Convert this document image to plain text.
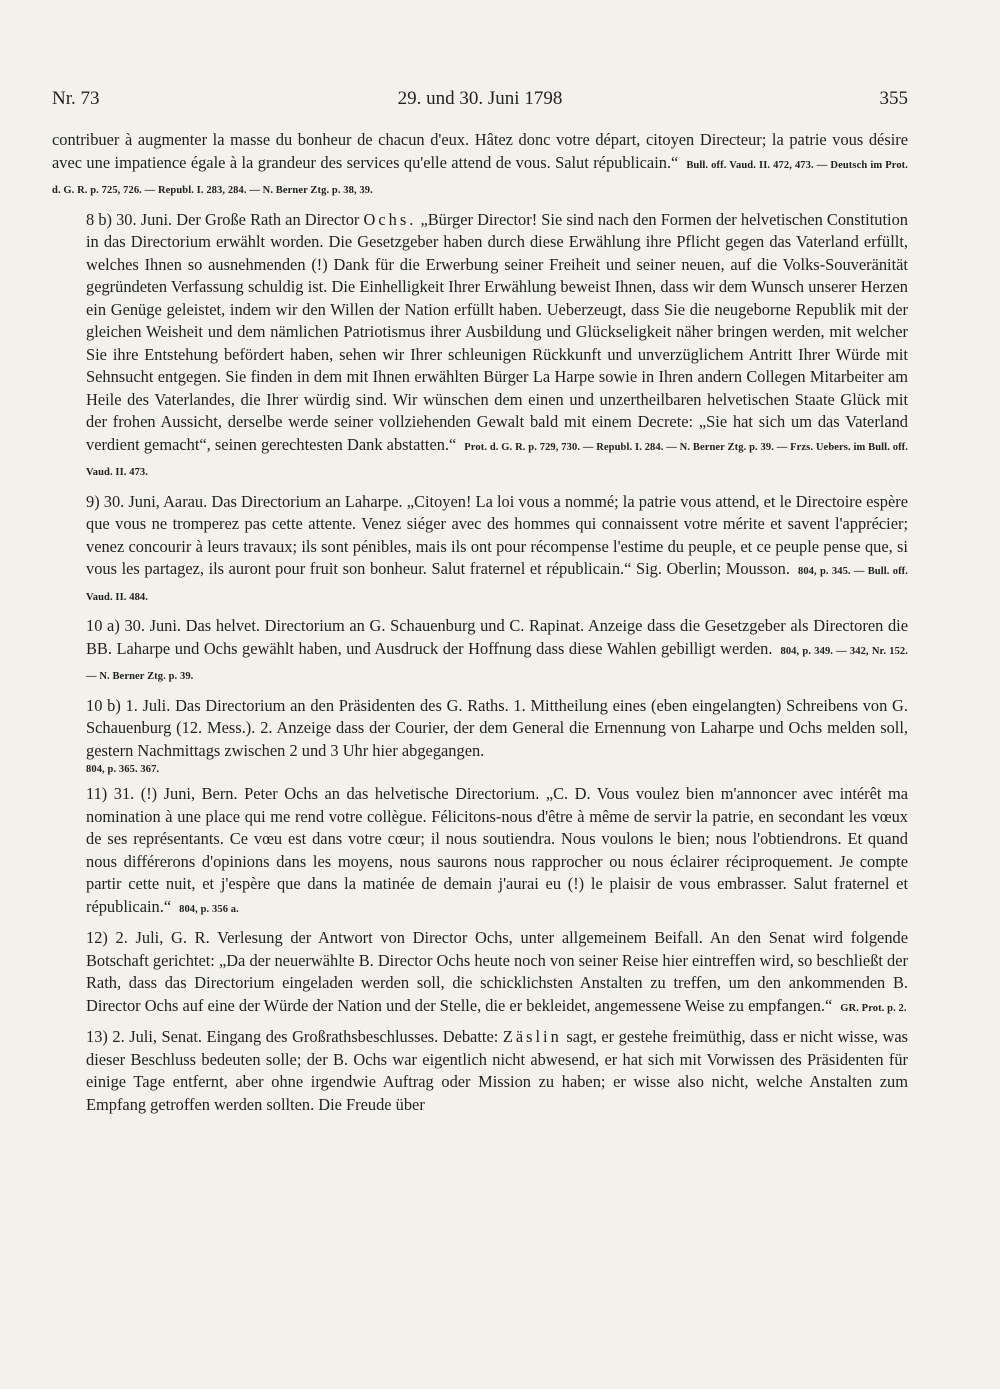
Nr. 73	29. und 30. Juni 1798	355

contribuer à augmenter la masse du bonheur de chacun d'eux. Hâtez donc votre départ, citoyen Directeur; la patrie vous désire avec une impatience égale à la grandeur des services qu'elle attend de vous. Salut républicain.“ Bull. off. Vaud. II. 472, 473. — Deutsch im Prot. d. G. R. p. 725, 726. — Republ. I. 283, 284. — N. Berner Ztg. p. 38, 39.

8 b) 30. Juni. Der Große Rath an Director Ochs. „Bürger Director! Sie sind nach den Formen der helvetischen Constitution in das Directorium erwählt worden. Die Gesetzgeber haben durch diese Erwählung ihre Pflicht gegen das Vaterland erfüllt, welches Ihnen so ausnehmenden (!) Dank für die Erwerbung seiner Freiheit und seiner neuen, auf die Volks-Souveränität gegründeten Verfassung schuldig ist. Die Einhelligkeit Ihrer Erwählung beweist Ihnen, dass wir dem Wunsch unserer Herzen ein Genüge geleistet, indem wir den Willen der Nation erfüllt haben. Ueberzeugt, dass Sie die neugeborne Republik mit der gleichen Weisheit und dem nämlichen Patriotismus ihrer Ausbildung und Glückseligkeit näher bringen werden, mit welcher Sie ihre Entstehung befördert haben, sehen wir Ihrer schleunigen Rückkunft und unverzüglichem Antritt Ihrer Würde mit Sehnsucht entgegen. Sie finden in dem mit Ihnen erwählten Bürger La Harpe sowie in Ihren andern Collegen Mitarbeiter am Heile des Vaterlandes, die Ihrer würdig sind. Wir wünschen dem einen und unzertheilbaren helvetischen Staate Glück mit der frohen Aussicht, derselbe werde seiner vollziehenden Gewalt bald mit einem Decrete: „Sie hat sich um das Vaterland verdient gemacht“, seinen gerechtesten Dank abstatten.“ Prot. d. G. R. p. 729, 730. — Republ. I. 284. — N. Berner Ztg. p. 39. — Frzs. Uebers. im Bull. off. Vaud. II. 473.

9) 30. Juni, Aarau. Das Directorium an Laharpe. „Citoyen! La loi vous a nommé; la patrie vous attend, et le Directoire espère que vous ne tromperez pas cette attente. Venez siéger avec des hommes qui connaissent votre mérite et savent l'apprécier; venez concourir à leurs travaux; ils sont pénibles, mais ils ont pour récompense l'estime du peuple, et ce peuple pense que, si vous les partagez, ils auront pour fruit son bonheur. Salut fraternel et républicain.“ Sig. Oberlin; Mousson. 804, p. 345. — Bull. off. Vaud. II. 484.

10 a) 30. Juni. Das helvet. Directorium an G. Schauenburg und C. Rapinat. Anzeige dass die Gesetzgeber als Directoren die BB. Laharpe und Ochs gewählt haben, und Ausdruck der Hoffnung dass diese Wahlen gebilligt werden. 804, p. 349. — 342, Nr. 152. — N. Berner Ztg. p. 39.

10 b) 1. Juli. Das Directorium an den Präsidenten des G. Raths. 1. Mittheilung eines (eben eingelangten) Schreibens von G. Schauenburg (12. Mess.). 2. Anzeige dass der Courier, der dem General die Ernennung von Laharpe und Ochs melden soll, gestern Nachmittags zwischen 2 und 3 Uhr hier abgegangen.
804, p. 365. 367.

11) 31. (!) Juni, Bern. Peter Ochs an das helvetische Directorium. „C. D. Vous voulez bien m'annoncer avec intérêt ma nomination à une place qui me rend votre collègue. Félicitons-nous d'être à même de servir la patrie, en secondant les vœux de ses représentants. Ce vœu est dans votre cœur; il nous soutiendra. Nous voulons le bien; nous l'obtiendrons. Et quand nous différerons d'opinions dans les moyens, nous saurons nous rapprocher ou nous éclairer réciproquement. Je compte partir cette nuit, et j'espère que dans la matinée de demain j'aurai eu (!) le plaisir de vous embrasser. Salut fraternel et républicain.“ 804, p. 356 a.

12) 2. Juli, G. R. Verlesung der Antwort von Director Ochs, unter allgemeinem Beifall. An den Senat wird folgende Botschaft gerichtet: „Da der neuerwählte B. Director Ochs heute noch von seiner Reise hier eintreffen wird, so beschließt der Rath, dass das Directorium eingeladen werden soll, die schicklichsten Anstalten zu treffen, um den ankommenden B. Director Ochs auf eine der Würde der Nation und der Stelle, die er bekleidet, angemessene Weise zu empfangen.“ GR. Prot. p. 2.

13) 2. Juli, Senat. Eingang des Großrathsbeschlusses. Debatte: Zäslin sagt, er gestehe freimüthig, dass er nicht wisse, was dieser Beschluss bedeuten solle; der B. Ochs war eigentlich nicht abwesend, er hat sich mit Vorwissen des Präsidenten für einige Tage entfernt, aber ohne irgendwie Auftrag oder Mission zu haben; er wisse also nicht, welche Anstalten zum Empfang getroffen werden sollten. Die Freude über
